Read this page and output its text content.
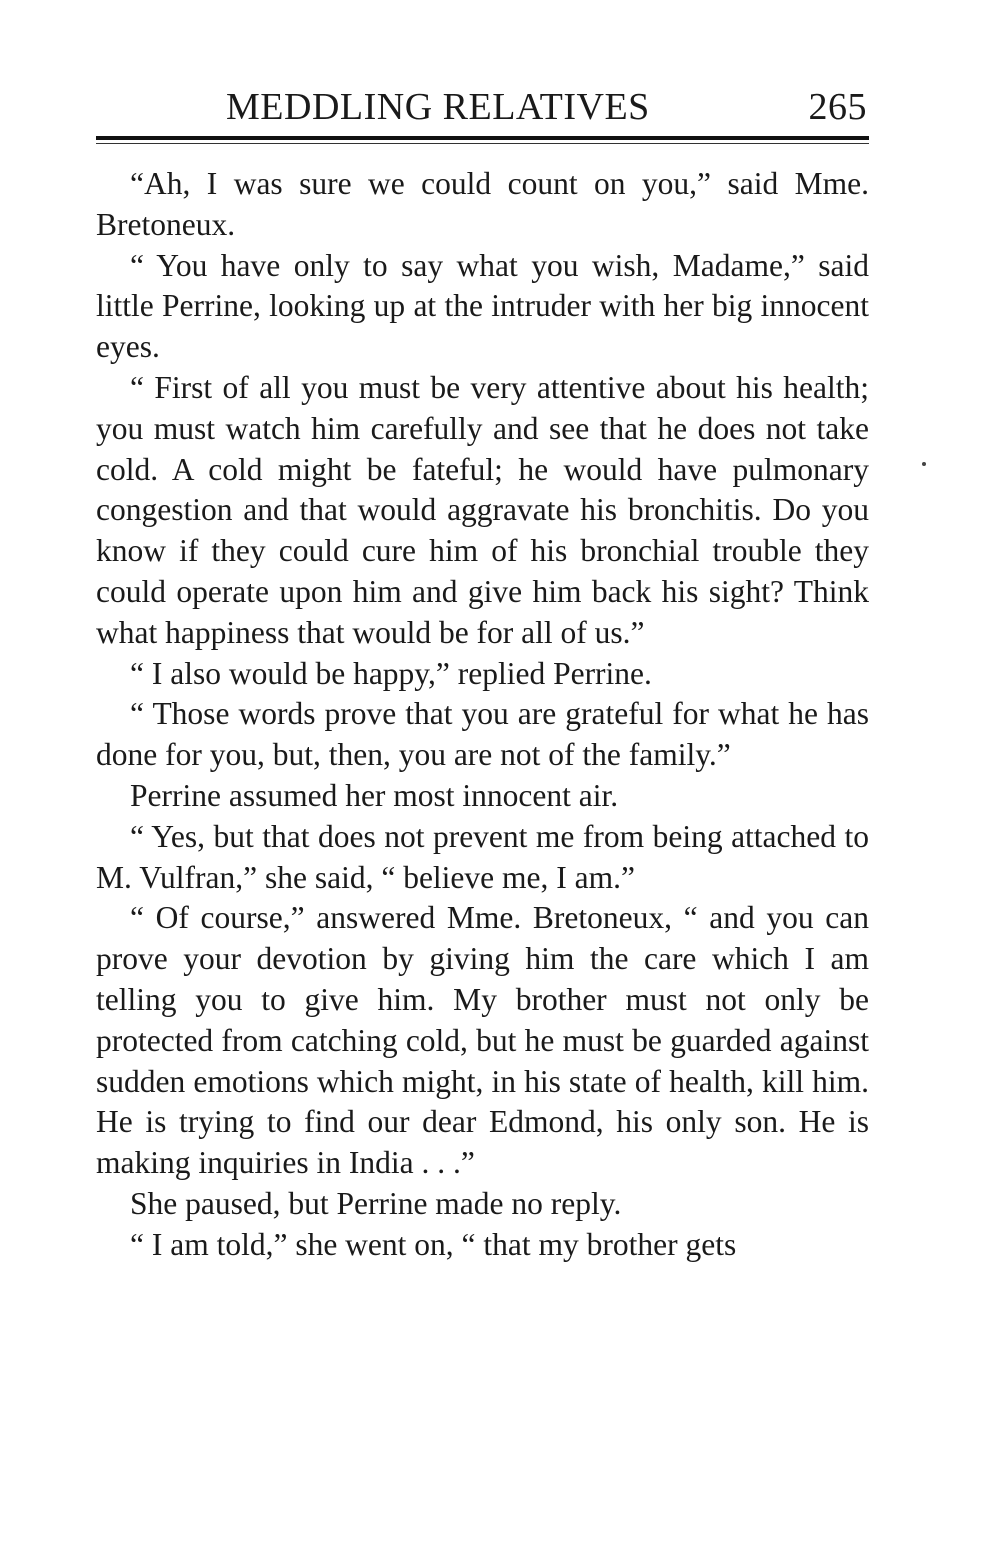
MEDDLING RELATIVES	265

“Ah, I was sure we could count on you,” said Mme. Bretoneux.

“ You have only to say what you wish, Madame,” said little Perrine, looking up at the intruder with her big innocent eyes.

“ First of all you must be very attentive about his health; you must watch him carefully and see that he does not take cold. A cold might be fateful; he would have pulmonary congestion and that would aggravate his bronchitis. Do you know if they could cure him of his bronchial trouble they could operate upon him and give him back his sight? Think what happiness that would be for all of us.”

“ I also would be happy,” replied Perrine.

“ Those words prove that you are grateful for what he has done for you, but, then, you are not of the family.”

Perrine assumed her most innocent air.

“ Yes, but that does not prevent me from being attached to M. Vulfran,” she said, “ believe me, I am.”

“ Of course,” answered Mme. Bretoneux, “ and you can prove your devotion by giving him the care which I am telling you to give him. My brother must not only be protected from catching cold, but he must be guarded against sudden emotions which might, in his state of health, kill him. He is trying to find our dear Edmond, his only son. He is making inquiries in India . . .”

She paused, but Perrine made no reply.

“ I am told,” she went on, “ that my brother gets
